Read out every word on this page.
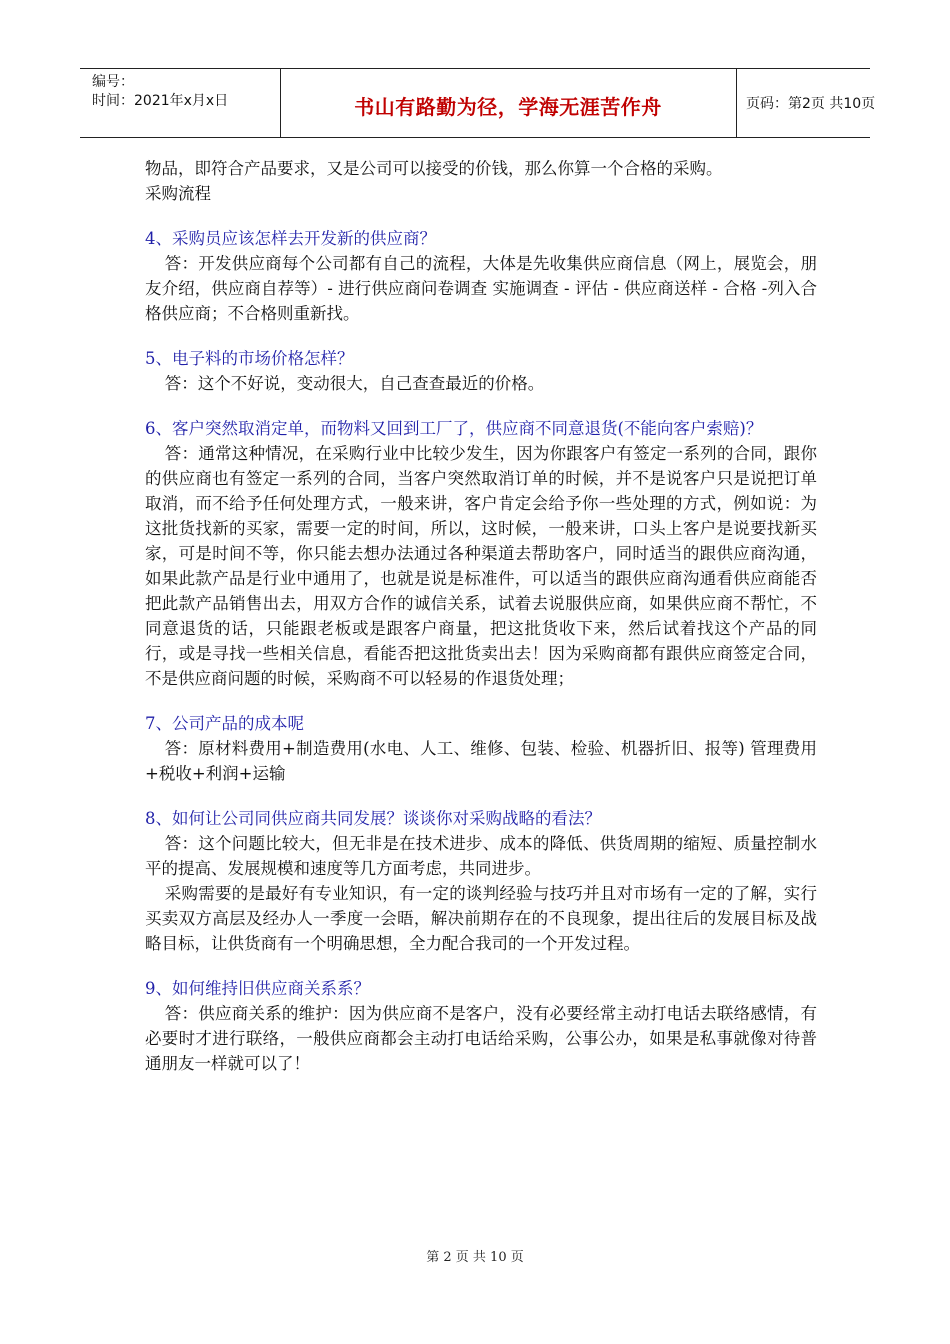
编号：
时间：2021年x月x日	书山有路勤为径，学海无涯苦作舟	页码：第2页 共10页

物品，即符合产品要求，又是公司可以接受的价钱，那么你算一个合格的采购。

采购流程

4、采购员应该怎样去开发新的供应商？

答：开发供应商每个公司都有自己的流程，大体是先收集供应商信息（网上，展览会，朋友介绍，供应商自荐等）- 进行供应商问卷调查 实施调查 - 评估 - 供应商送样 - 合格 -列入合格供应商；不合格则重新找。

5、电子料的市场价格怎样？

答：这个不好说，变动很大，自己查查最近的价格。

6、客户突然取消定单，而物料又回到工厂了，供应商不同意退货(不能向客户索赔)？

答：通常这种情况，在采购行业中比较少发生，因为你跟客户有签定一系列的合同，跟你的供应商也有签定一系列的合同，当客户突然取消订单的时候，并不是说客户只是说把订单取消，而不给予任何处理方式，一般来讲，客户肯定会给予你一些处理的方式，例如说：为这批货找新的买家，需要一定的时间，所以，这时候，一般来讲，口头上客户是说要找新买家，可是时间不等，你只能去想办法通过各种渠道去帮助客户，同时适当的跟供应商沟通，如果此款产品是行业中通用了，也就是说是标准件，可以适当的跟供应商沟通看供应商能否把此款产品销售出去，用双方合作的诚信关系，试着去说服供应商，如果供应商不帮忙，不同意退货的话，只能跟老板或是跟客户商量，把这批货收下来，然后试着找这个产品的同行，或是寻找一些相关信息，看能否把这批货卖出去！因为采购商都有跟供应商签定合同，不是供应商问题的时候，采购商不可以轻易的作退货处理；

7、公司产品的成本呢

答：原材料费用+制造费用(水电、人工、维修、包装、检验、机器折旧、报等) 管理费用+税收+利润+运输

8、如何让公司同供应商共同发展？谈谈你对采购战略的看法？

答：这个问题比较大，但无非是在技术进步、成本的降低、供货周期的缩短、质量控制水平的提高、发展规模和速度等几方面考虑，共同进步。

采购需要的是最好有专业知识，有一定的谈判经验与技巧并且对市场有一定的了解，实行买卖双方高层及经办人一季度一会晤，解决前期存在的不良现象，提出往后的发展目标及战略目标，让供货商有一个明确思想，全力配合我司的一个开发过程。

9、如何维持旧供应商关系系？

答：供应商关系的维护：因为供应商不是客户，没有必要经常主动打电话去联络感情，有必要时才进行联络，一般供应商都会主动打电话给采购，公事公办，如果是私事就像对待普通朋友一样就可以了！

第 2 页 共 10 页
